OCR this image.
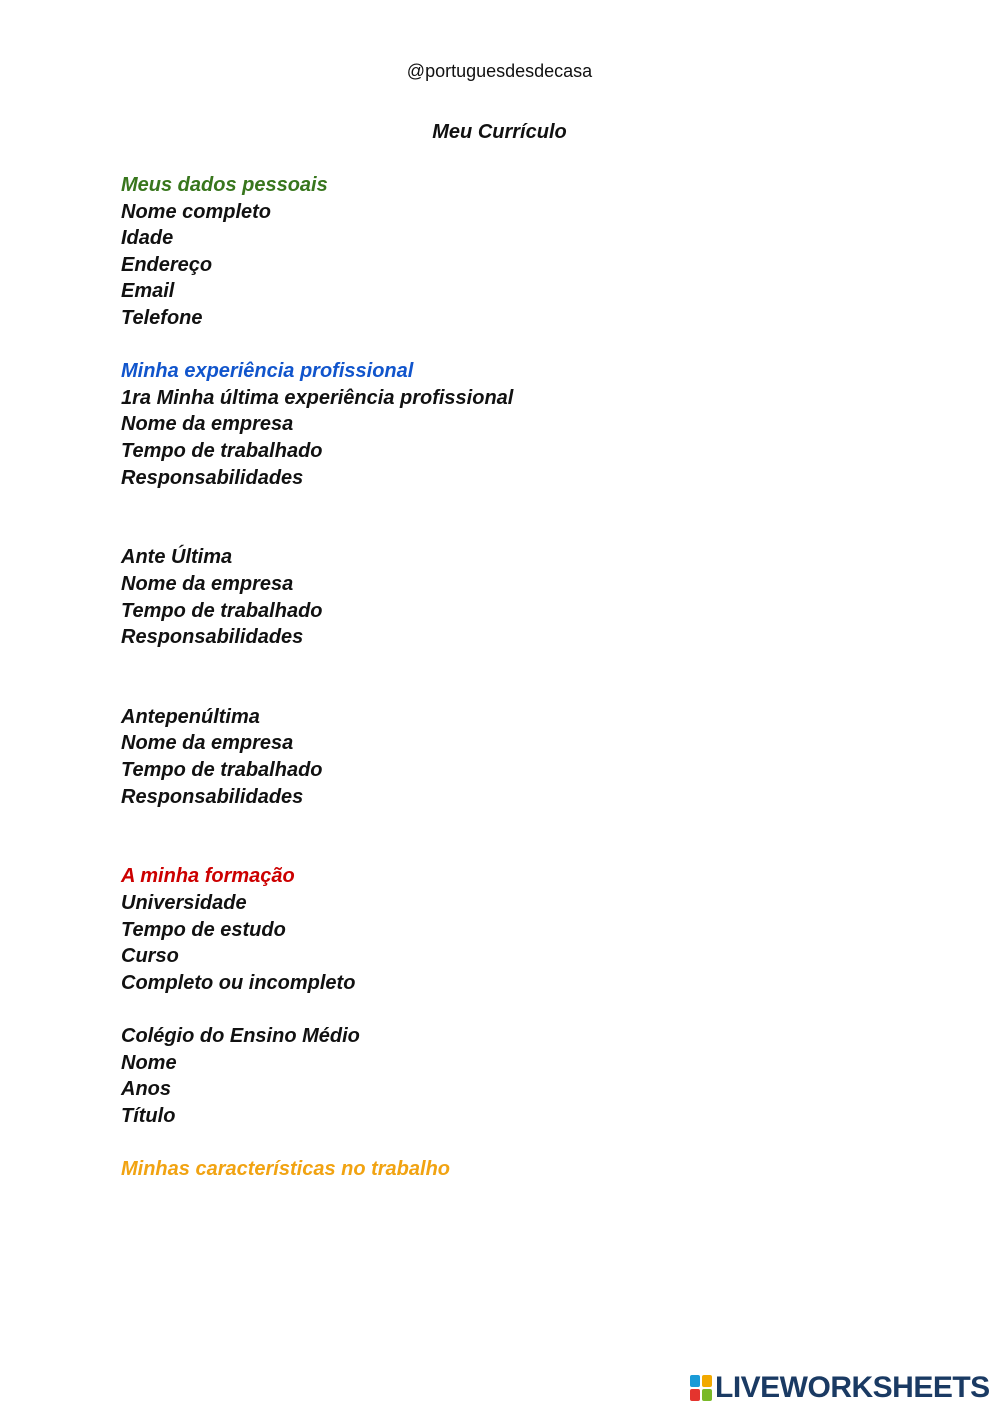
@portuguesdesdecasa
Meu Currículo
Meus dados pessoais
Nome completo
Idade
Endereço
Email
Telefone
Minha experiência profissional
1ra Minha última experiência profissional
Nome da empresa
Tempo de trabalhado
Responsabilidades
Ante Última
Nome da empresa
Tempo de trabalhado
Responsabilidades
Antepenúltima
Nome da empresa
Tempo de trabalhado
Responsabilidades
A minha formação
Universidade
Tempo de estudo
Curso
Completo ou incompleto
Colégio do Ensino Médio
Nome
Anos
Título
Minhas características no trabalho
LIVEWORKSHEETS
